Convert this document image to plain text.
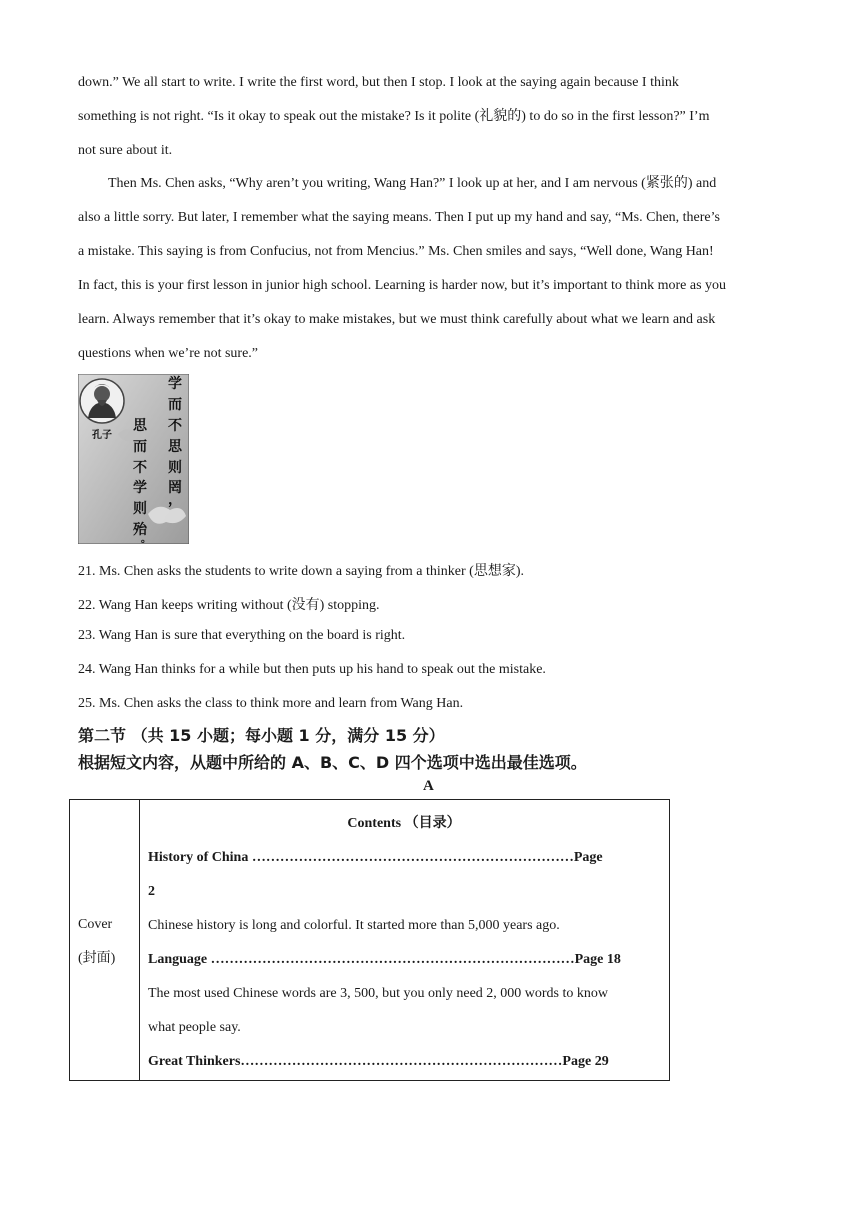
down.” We all start to write. I write the first word, but then I stop. I look at the saying again because I think
something is not right. “Is it okay to speak out the mistake? Is it polite (礼貌的) to do so in the first lesson?” I’m
not sure about it.
Then Ms. Chen asks, “Why aren’t you writing, Wang Han?” I look up at her, and I am nervous (紧张的) and
also a little sorry. But later, I remember what the saying means. Then I put up my hand and say, “Ms. Chen, there’s
a mistake. This saying is from Confucius, not from Mencius.” Ms. Chen smiles and says, “Well done, Wang Han!
In fact, this is your first lesson in junior high school. Learning is harder now, but it’s important to think more as you
learn. Always remember that it’s okay to make mistakes, but we must think carefully about what we learn and ask
questions when we’re not sure.”
孔子
学
而
不
思
则
罔
，
思
而
不
学
则
殆
。
21. Ms. Chen asks the students to write down a saying from a thinker (思想家).
22. Wang Han keeps writing without (没有) stopping.
23. Wang Han is sure that everything on the board is right.
24. Wang Han thinks for a while but then puts up his hand to speak out the mistake.
25. Ms. Chen asks the class to think more and learn from Wang Han.
第二节 （共 15 小题；每小题 1 分，满分 15 分）
根据短文内容，从题中所给的 A、B、C、D 四个选项中选出最佳选项。
A
Cover
(封面)
Contents （目录）
History of China ……………………………………………………………Page
2
Chinese history is long and colorful. It started more than 5,000 years ago.
Language ……………………………………………………………………Page 18
The most used Chinese words are 3, 500, but you only need 2, 000 words to know
what people say.
Great Thinkers……………………………………………………………Page 29
